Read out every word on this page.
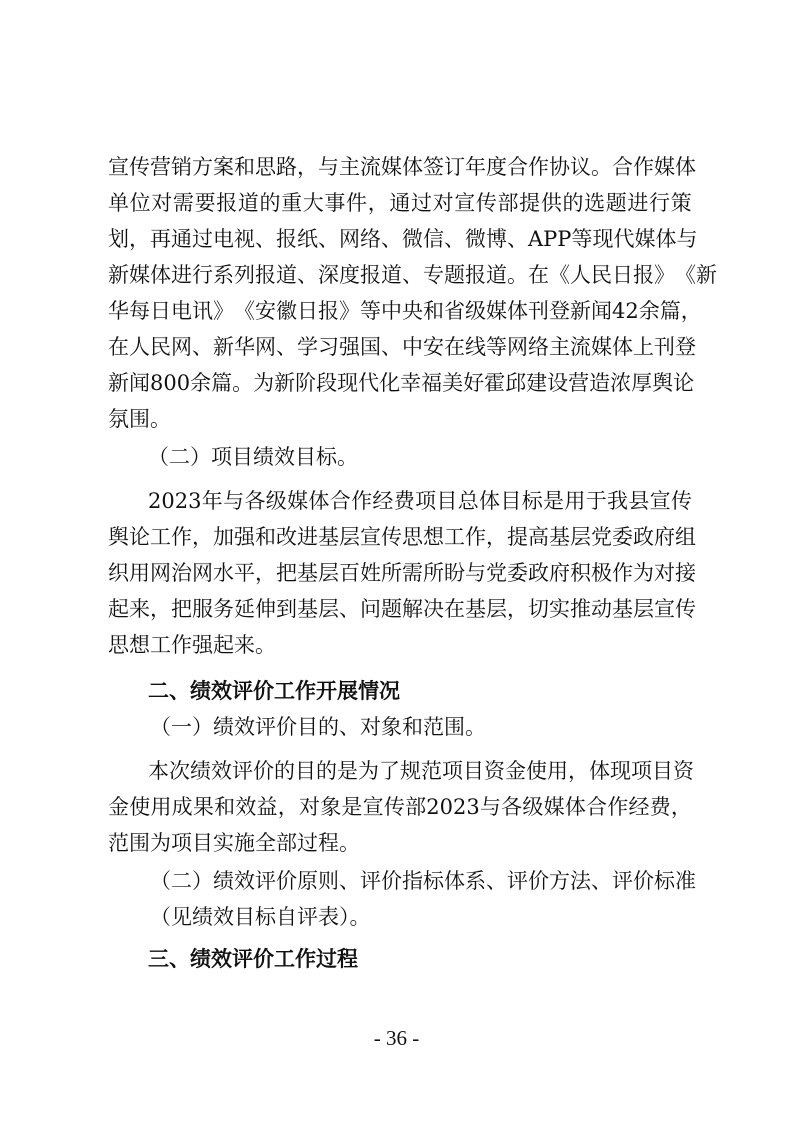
宣 传 营 销 方 案 和 思 路 ， 与 主 流 媒 体 签 订 年 度 合 作 协 议 。 合 作 媒 体
单 位 对 需 要 报 道 的 重 大 事 件 ， 通 过 对 宣 传 部 提 供 的 选 题 进 行 策
划 ， 再 通 过 电 视 、 报 纸 、 网 络 、 微 信 、 微 博 、 APP 等 现 代 媒 体 与
新 媒 体 进 行 系 列 报 道 、 深 度 报 道 、 专 题 报 道 。 在 《 人 民 日 报 》 《 新
华 每 日 电 讯 》 《 安 徽 日 报 》 等 中 央 和 省 级 媒 体 刊 登 新 闻 42 余 篇 ，
在 人 民 网 、 新 华 网 、 学 习 强 国 、 中 安 在 线 等 网 络 主 流 媒 体 上 刊 登
新 闻 800 余 篇 。 为 新 阶 段 现 代 化 幸 福 美 好 霍 邱 建 设 营 造 浓 厚 舆 论
氛围。
（二）项目绩效目标。
2023 年 与 各 级 媒 体 合 作 经 费 项 目 总 体 目 标 是 用 于 我 县 宣 传
舆 论 工 作 ， 加 强 和 改 进 基 层 宣 传 思 想 工 作 ， 提 高 基 层 党 委 政 府 组
织 用 网 治 网 水 平 ， 把 基 层 百 姓 所 需 所 盼 与 党 委 政 府 积 极 作 为 对 接
起 来 ， 把 服 务 延 伸 到 基 层 、 问 题 解 决 在 基 层 ， 切 实 推 动 基 层 宣 传
思想工作强起来。
二、绩效评价工作开展情况
（一）绩效评价目的、对象和范围。
本 次 绩 效 评 价 的 目 的 是 为 了 规 范 项 目 资 金 使 用 ， 体 现 项 目 资
金 使 用 成 果 和 效 益 ， 对 象 是 宣 传 部 2023 与 各 级 媒 体 合 作 经 费 ，
范围为项目实施全部过程。
（ 二 ） 绩 效 评 价 原 则 、 评 价 指 标 体 系 、 评 价 方 法 、 评 价 标 准
（见绩效目标自评表）。
三、绩效评价工作过程
- 36 -
